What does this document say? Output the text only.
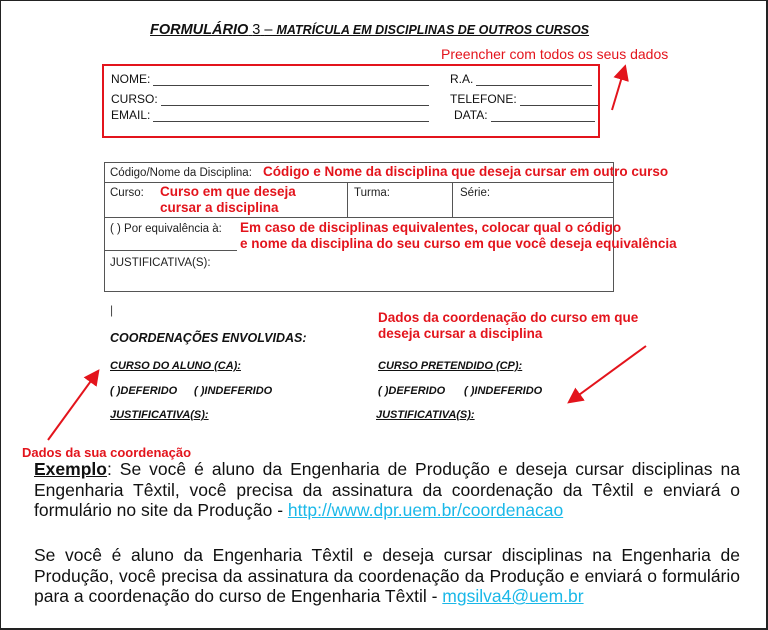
FORMULÁRIO 3 – MATRÍCULA EM DISCIPLINAS DE OUTROS CURSOS
Preencher com todos os seus dados
NOME:
CURSO:
EMAIL:
R.A.
TELEFONE:
DATA:
Código/Nome da Disciplina: Código e Nome da disciplina que deseja cursar em outro curso
Curso: Curso em que deseja
cursar a disciplina
Turma:	Série:
( ) Por equivalência à: Em caso de disciplinas equivalentes, colocar qual o código
e nome da disciplina do seu curso em que você deseja equivalência
JUSTIFICATIVA(S):
|	Dados da coordenação do curso em que
deseja cursar a disciplina
COORDENAÇÕES ENVOLVIDAS:
CURSO DO ALUNO (CA):
( )DEFERIDO ( )INDEFERIDO
JUSTIFICATIVA(S):
CURSO PRETENDIDO (CP):
( )DEFERIDO ( )INDEFERIDO
JUSTIFICATIVA(S):
Dados da sua coordenação
Exemplo: Se você é aluno da Engenharia de Produção e deseja cursar disciplinas na Engenharia Têxtil, você precisa da assinatura da coordenação da Têxtil e enviará o formulário no site da Produção - http://www.dpr.uem.br/coordenacao
Se você é aluno da Engenharia Têxtil e deseja cursar disciplinas na Engenharia de Produção, você precisa da assinatura da coordenação da Produção e enviará o formulário para a coordenação do curso de Engenharia Têxtil - mgsilva4@uem.br
